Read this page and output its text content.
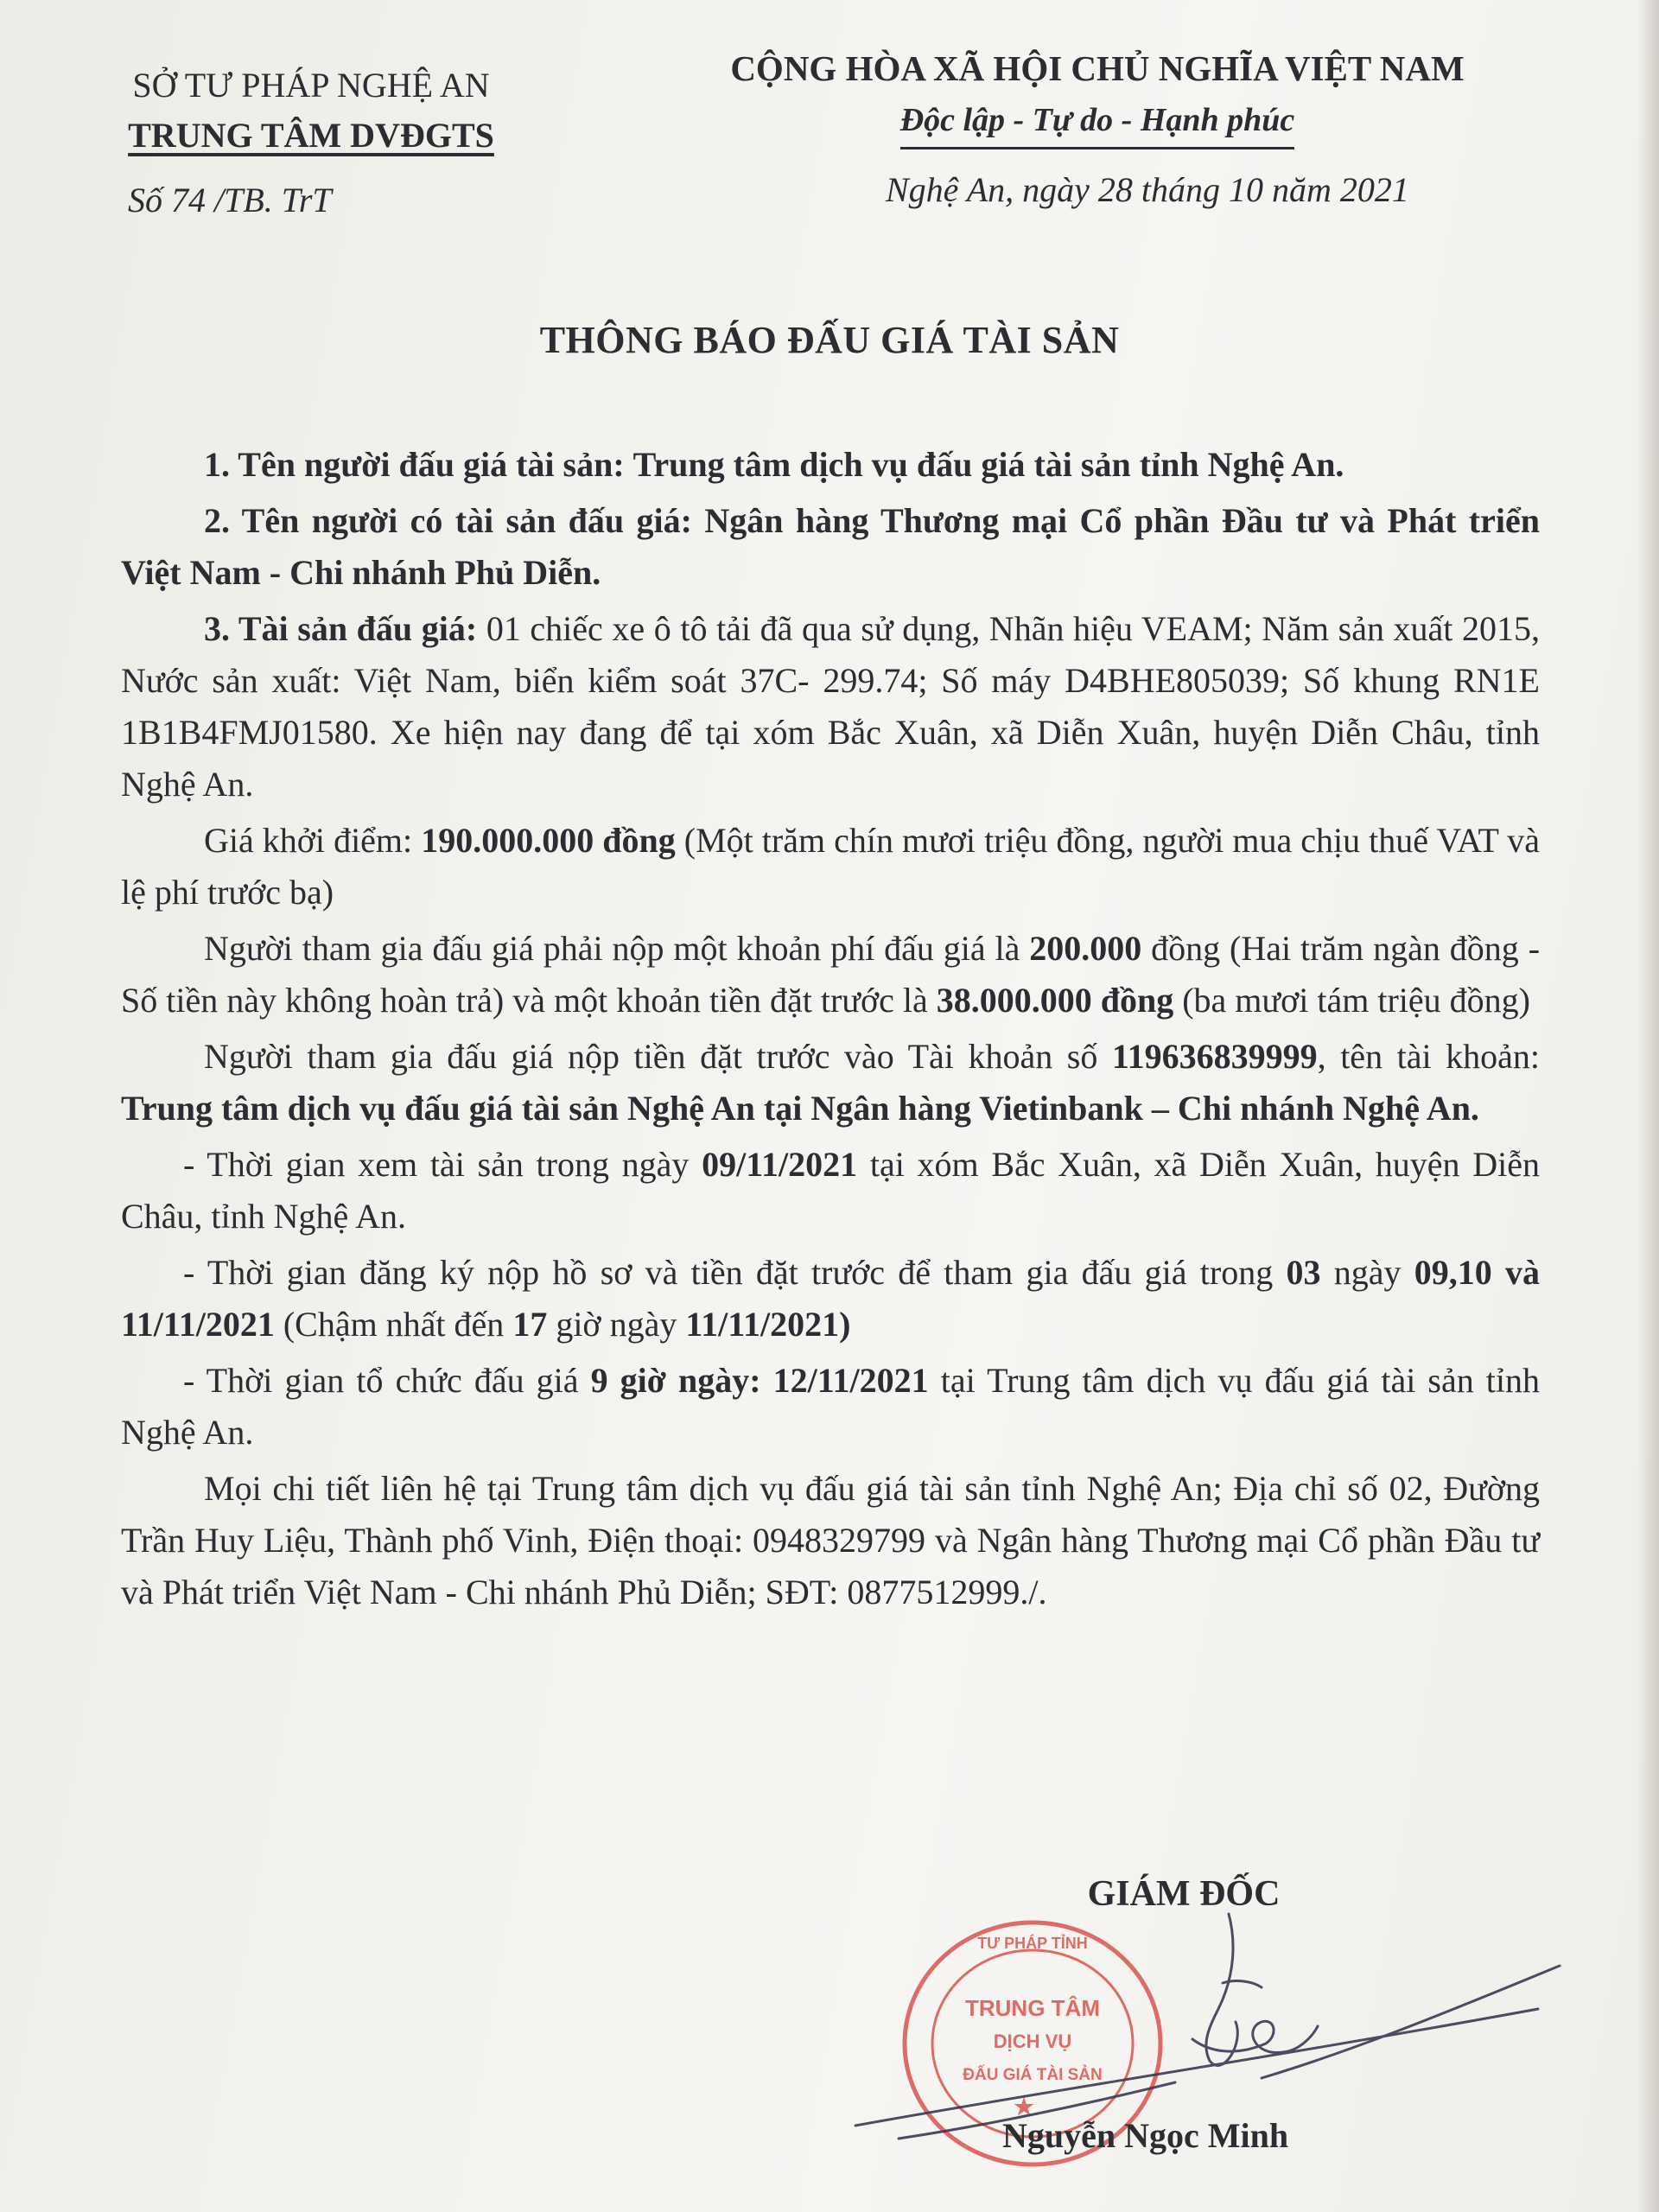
SỞ TƯ PHÁP NGHỆ AN
TRUNG TÂM DVĐGTS
CỘNG HÒA XÃ HỘI CHỦ NGHĨA VIỆT NAM
Độc lập - Tự do - Hạnh phúc
Số 74 /TB. TrT	Nghệ An, ngày 28 tháng 10 năm 2021
THÔNG BÁO ĐẤU GIÁ TÀI SẢN

1. Tên người đấu giá tài sản: Trung tâm dịch vụ đấu giá tài sản tỉnh Nghệ An.

2. Tên người có tài sản đấu giá: Ngân hàng Thương mại Cổ phần Đầu tư và Phát triển Việt Nam - Chi nhánh Phủ Diễn.

3. Tài sản đấu giá: 01 chiếc xe ô tô tải đã qua sử dụng, Nhãn hiệu VEAM; Năm sản xuất 2015, Nước sản xuất: Việt Nam, biển kiểm soát 37C- 299.74; Số máy D4BHE805039; Số khung RN1E 1B1B4FMJ01580. Xe hiện nay đang để tại xóm Bắc Xuân, xã Diễn Xuân, huyện Diễn Châu, tỉnh Nghệ An.

Giá khởi điểm: 190.000.000 đồng (Một trăm chín mươi triệu đồng, người mua chịu thuế VAT và lệ phí trước bạ)

Người tham gia đấu giá phải nộp một khoản phí đấu giá là 200.000 đồng (Hai trăm ngàn đồng - Số tiền này không hoàn trả) và một khoản tiền đặt trước là 38.000.000 đồng (ba mươi tám triệu đồng)

Người tham gia đấu giá nộp tiền đặt trước vào Tài khoản số 119636839999, tên tài khoản: Trung tâm dịch vụ đấu giá tài sản Nghệ An tại Ngân hàng Vietinbank – Chi nhánh Nghệ An.

- Thời gian xem tài sản trong ngày 09/11/2021 tại xóm Bắc Xuân, xã Diễn Xuân, huyện Diễn Châu, tỉnh Nghệ An.

- Thời gian đăng ký nộp hồ sơ và tiền đặt trước để tham gia đấu giá trong 03 ngày 09,10 và 11/11/2021 (Chậm nhất đến 17 giờ ngày 11/11/2021)

- Thời gian tổ chức đấu giá 9 giờ ngày: 12/11/2021 tại Trung tâm dịch vụ đấu giá tài sản tỉnh Nghệ An.

Mọi chi tiết liên hệ tại Trung tâm dịch vụ đấu giá tài sản tỉnh Nghệ An; Địa chỉ số 02, Đường Trần Huy Liệu, Thành phố Vinh, Điện thoại: 0948329799 và Ngân hàng Thương mại Cổ phần Đầu tư và Phát triển Việt Nam - Chi nhánh Phủ Diễn; SĐT: 0877512999./.

GIÁM ĐỐC
TƯ PHÁP TỈNH
TRUNG TÂM
DỊCH VỤ
ĐẤU GIÁ TÀI SẢN
★
Nguyễn Ngọc Minh
